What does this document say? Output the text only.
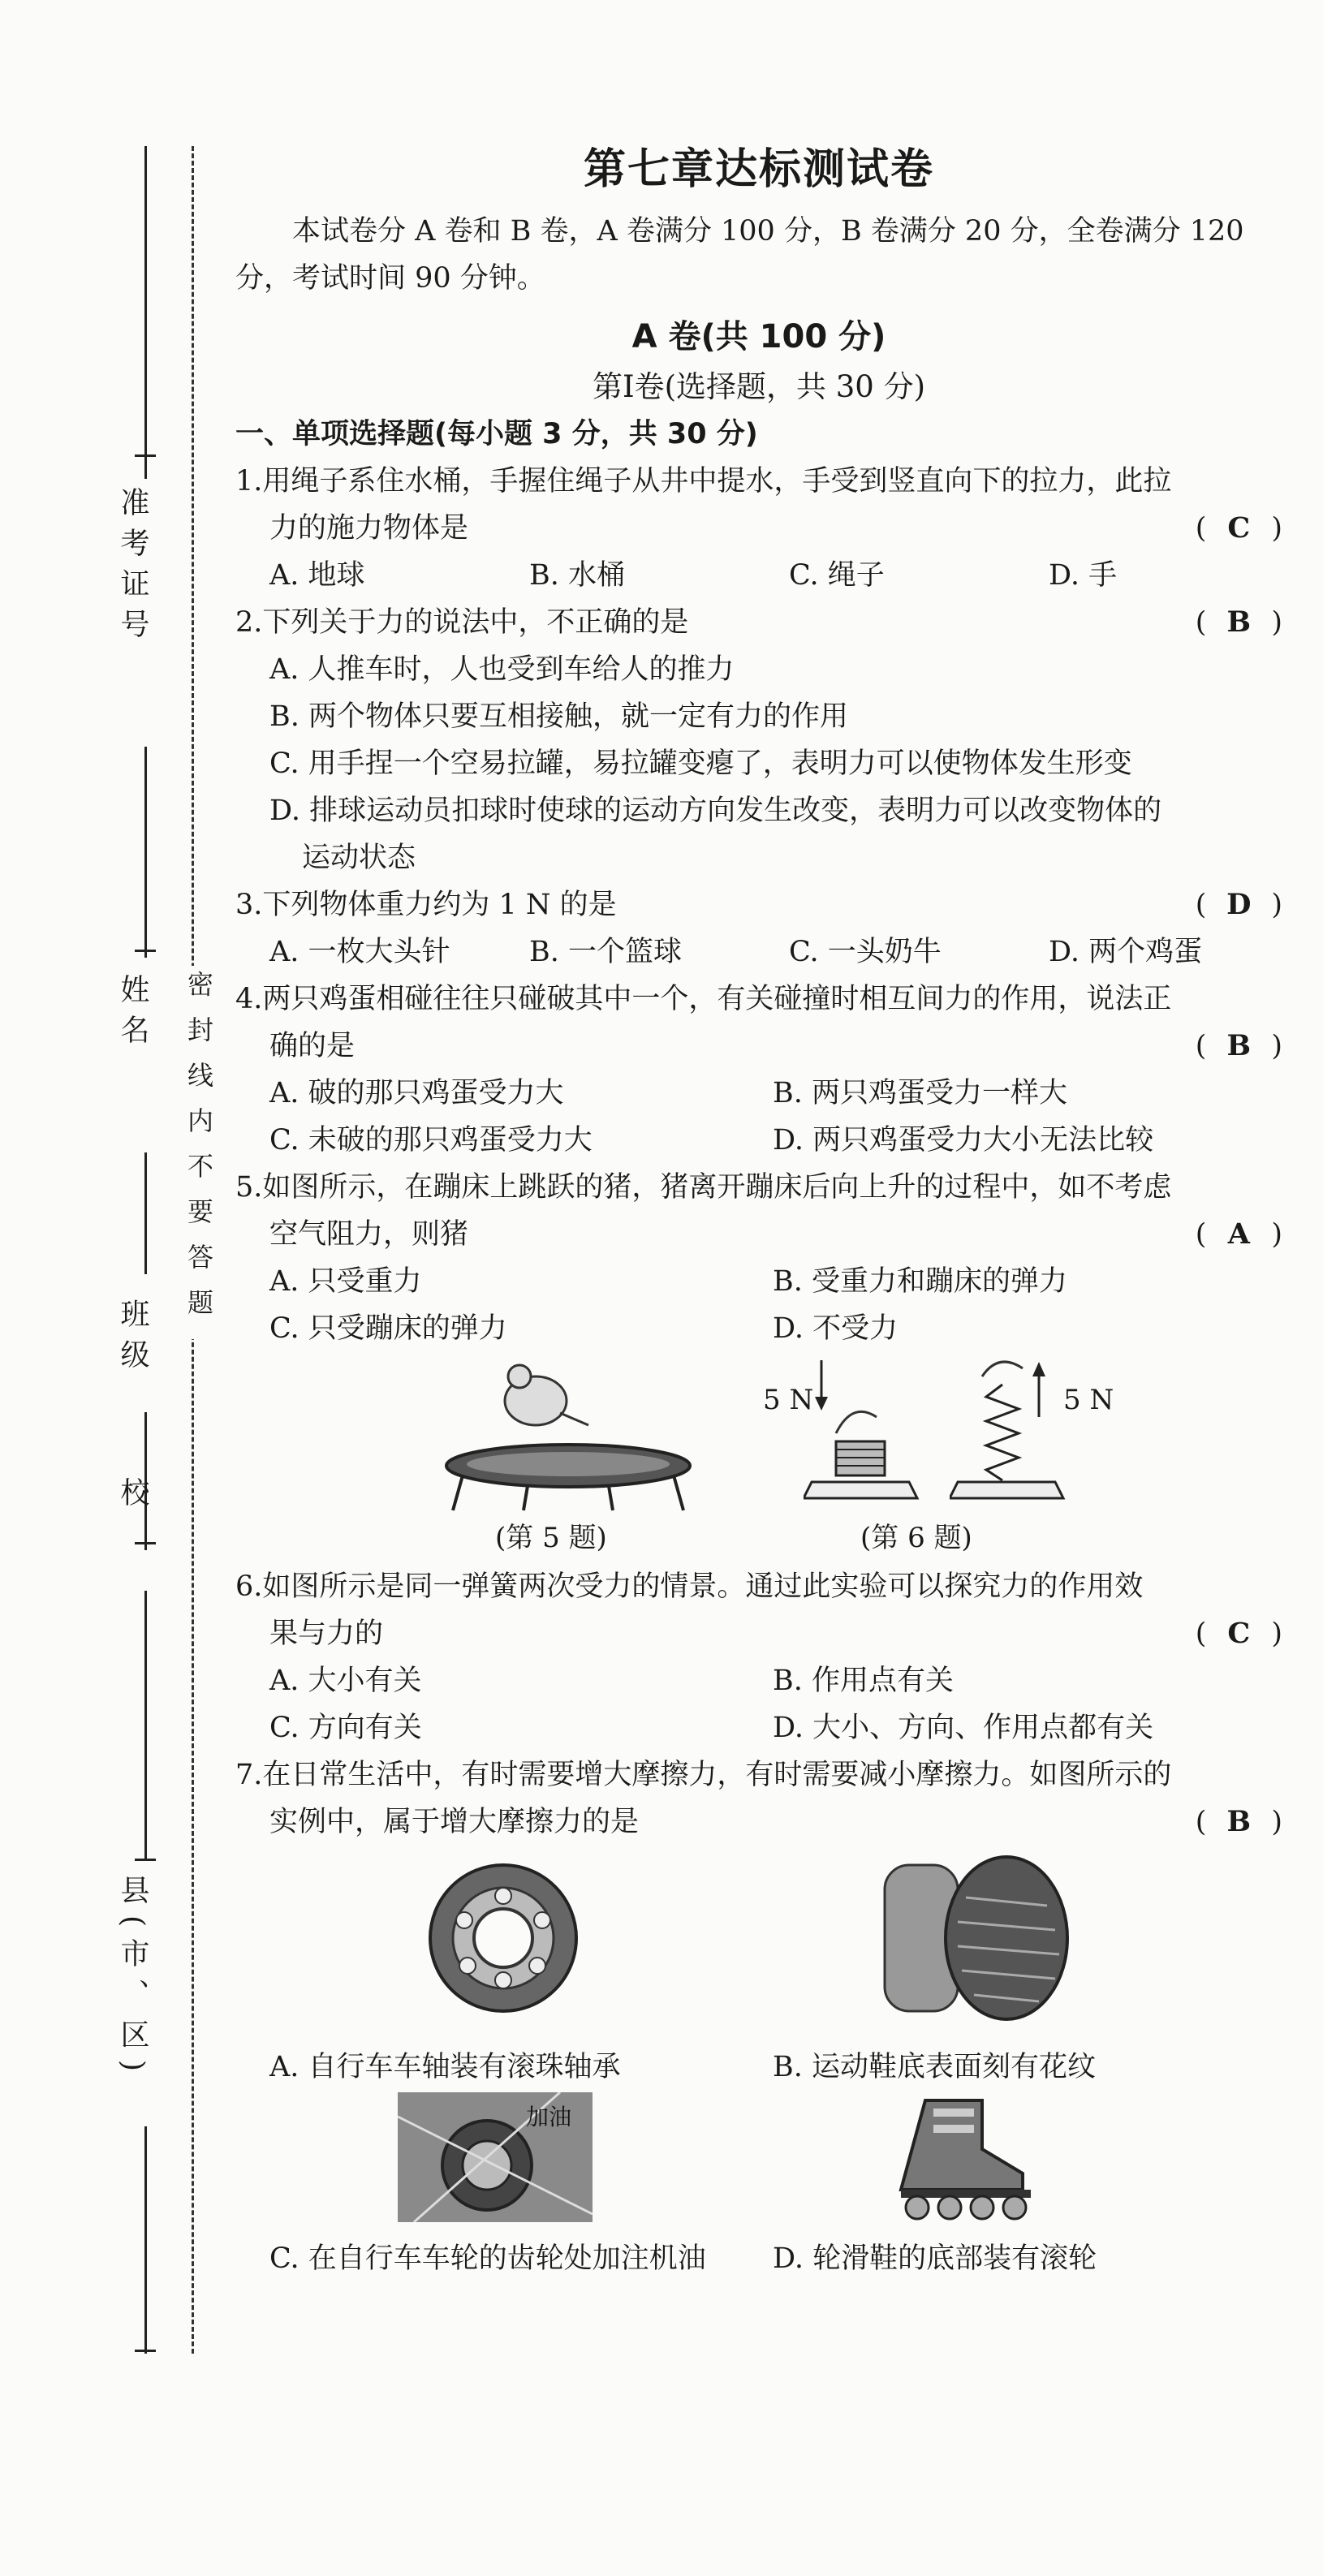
准考证号
姓名
班级
校
县(市、区)
密封线内不要答题
第七章达标测试卷

本试卷分 A 卷和 B 卷，A 卷满分 100 分，B 卷满分 20 分，全卷满分 120 分，考试时间 90 分钟。

A 卷(共 100 分)

第Ⅰ卷(选择题，共 30 分)

一、单项选择题(每小题 3 分，共 30 分)

1.用绳子系住水桶，手握住绳子从井中提水，手受到竖直向下的拉力，此拉
力的施力物体是	( C )
A. 地球	B. 水桶	C. 绳子	D. 手
2.下列关于力的说法中，不正确的是	( B )
A. 人推车时，人也受到车给人的推力
B. 两个物体只要互相接触，就一定有力的作用
C. 用手捏一个空易拉罐，易拉罐变瘪了，表明力可以使物体发生形变
D. 排球运动员扣球时使球的运动方向发生改变，表明力可以改变物体的
运动状态
3.下列物体重力约为 1 N 的是	( D )
A. 一枚大头针	B. 一个篮球	C. 一头奶牛	D. 两个鸡蛋
4.两只鸡蛋相碰往往只碰破其中一个，有关碰撞时相互间力的作用，说法正
确的是	( B )
A. 破的那只鸡蛋受力大	B. 两只鸡蛋受力一样大
C. 未破的那只鸡蛋受力大	D. 两只鸡蛋受力大小无法比较
5.如图所示，在蹦床上跳跃的猪，猪离开蹦床后向上升的过程中，如不考虑
空气阻力，则猪	( A )
A. 只受重力	B. 受重力和蹦床的弹力
C. 只受蹦床的弹力	D. 不受力
(第 5 题)
5 N	5 N
(第 6 题)
6.如图所示是同一弹簧两次受力的情景。通过此实验可以探究力的作用效
果与力的	( C )
A. 大小有关	B. 作用点有关
C. 方向有关	D. 大小、方向、作用点都有关
7.在日常生活中，有时需要增大摩擦力，有时需要减小摩擦力。如图所示的
实例中，属于增大摩擦力的是	( B )
A. 自行车车轴装有滚珠轴承	B. 运动鞋底表面刻有花纹
加油
C. 在自行车车轮的齿轮处加注机油	D. 轮滑鞋的底部装有滚轮
